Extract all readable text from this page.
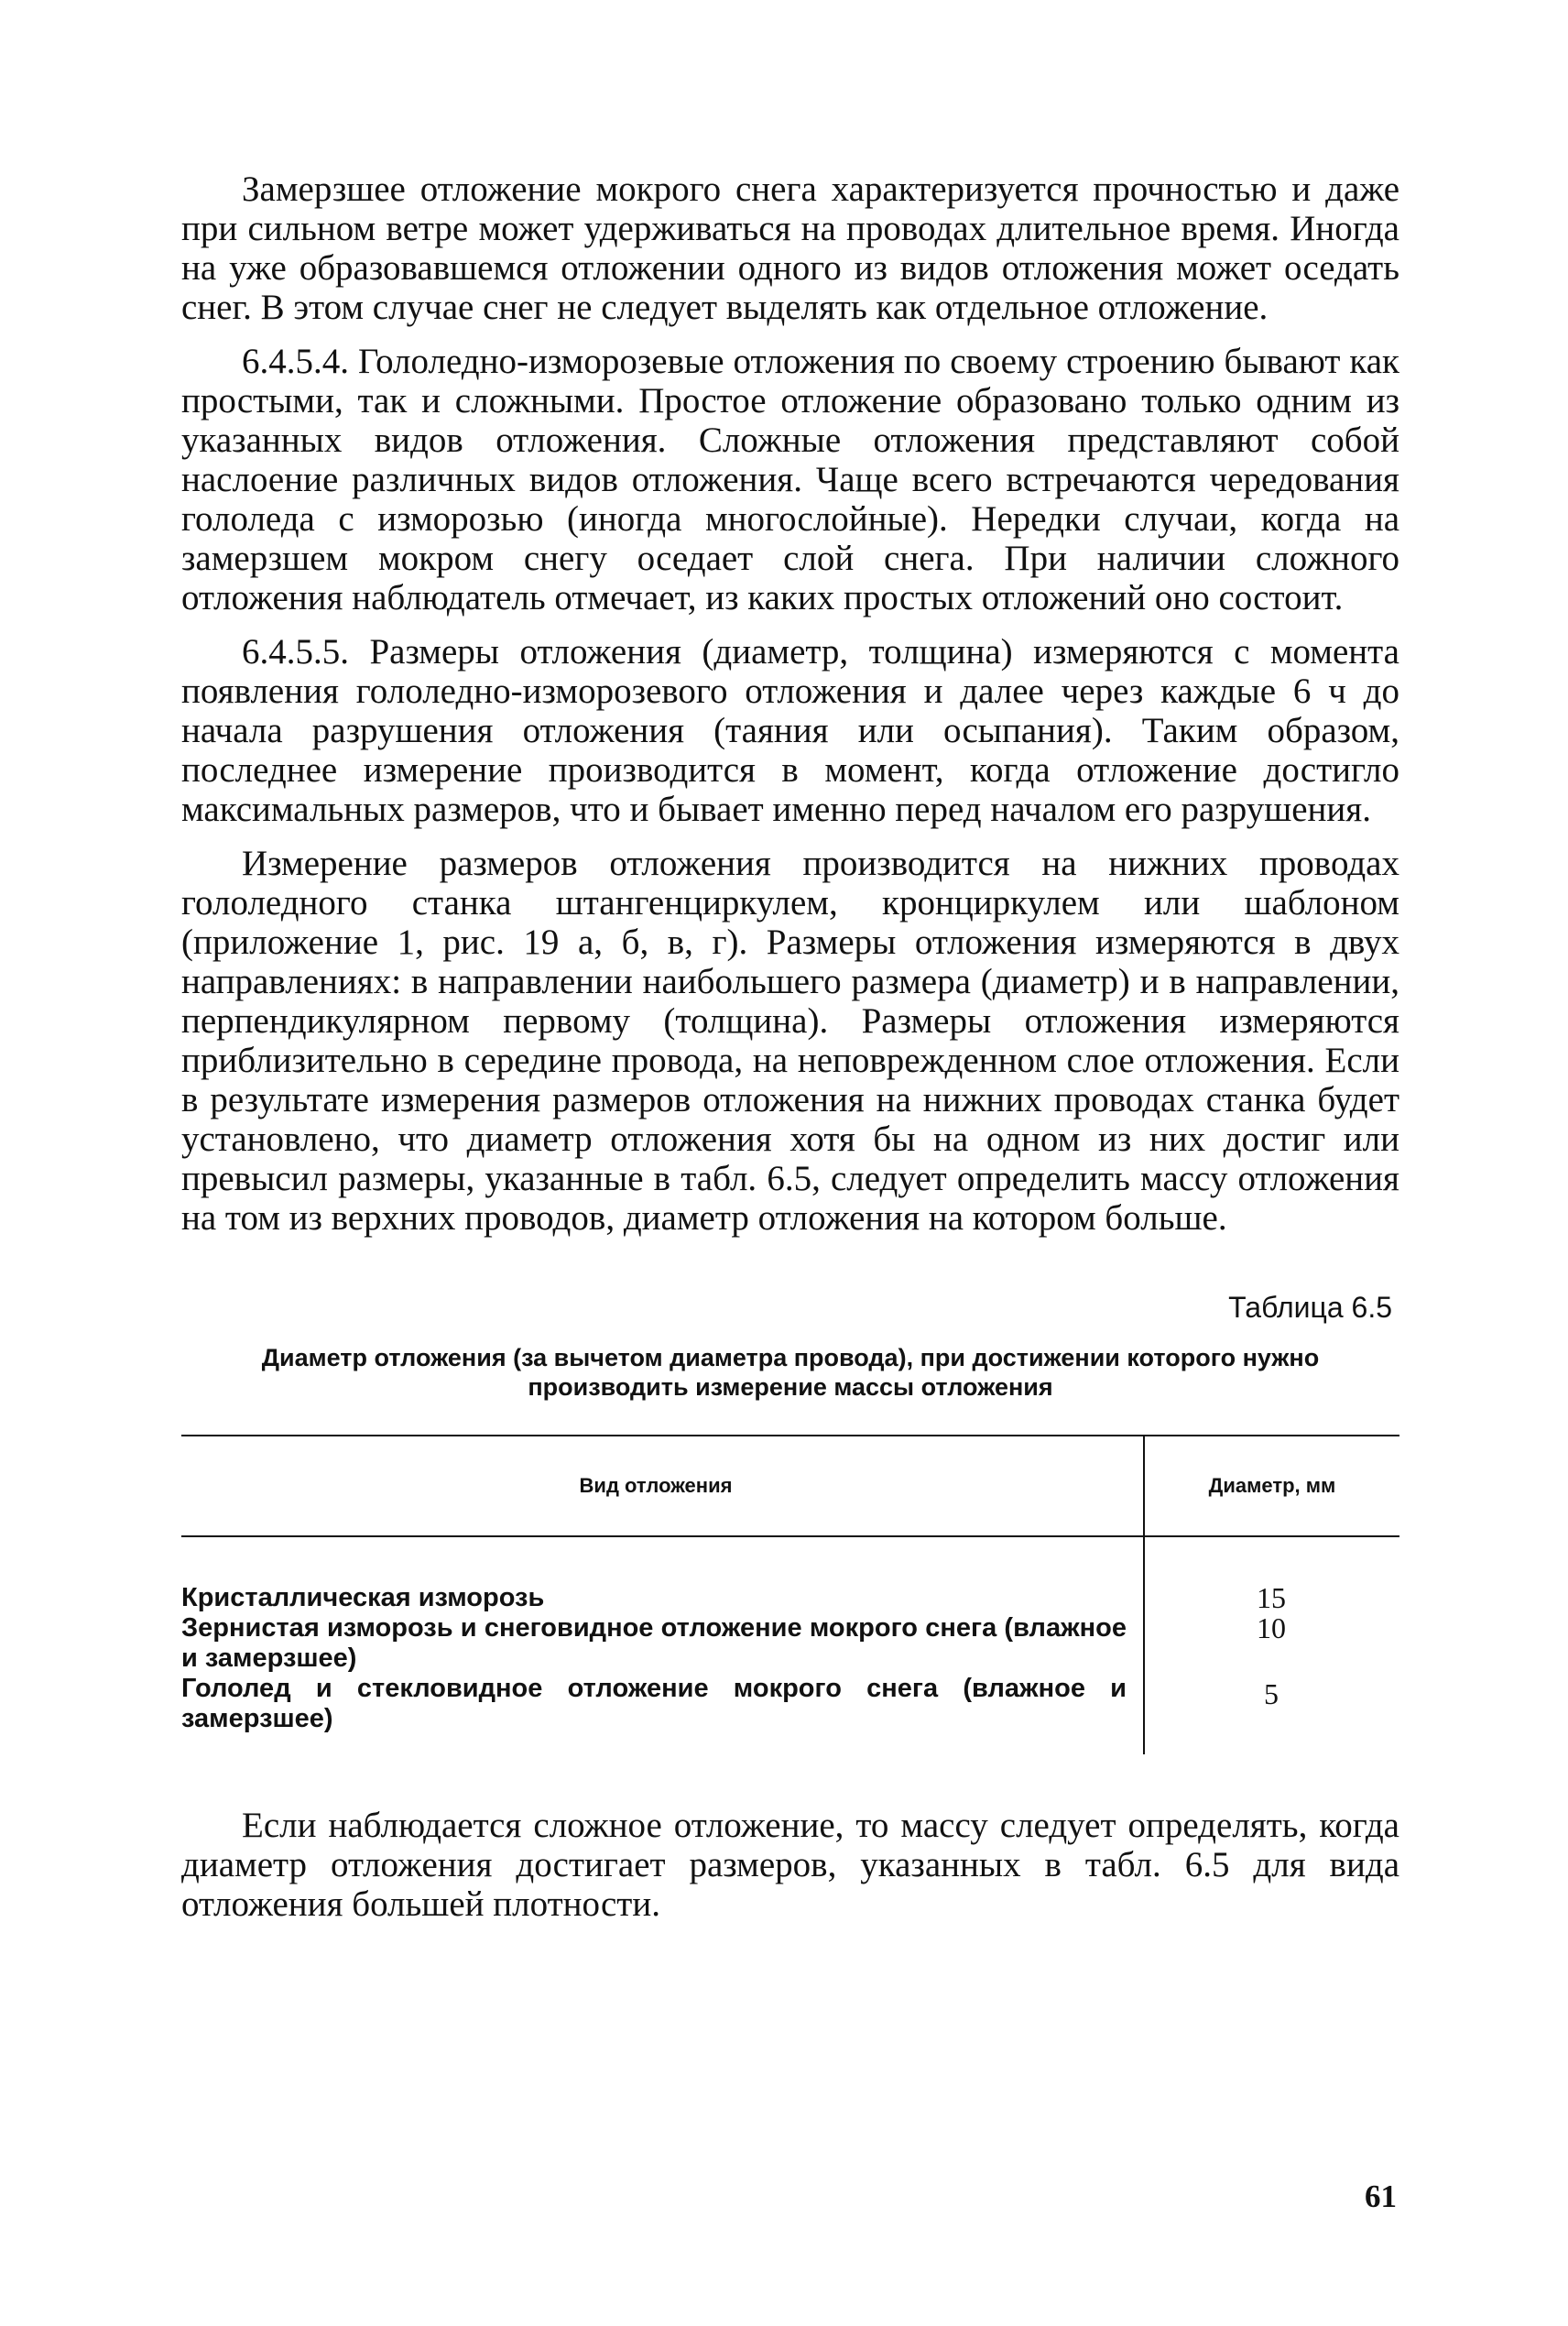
Замерзшее отложение мокрого снега характеризуется прочностью и даже при сильном ветре может удерживаться на проводах длительное время. Иногда на уже образовавшемся отложении одного из видов отложения может оседать снег. В этом случае снег не следует выделять как отдельное отложение.

6.4.5.4. Гололедно-изморозевые отложения по своему строению бывают как простыми, так и сложными. Простое отложение образовано только одним из указанных видов отложения. Сложные отложения представляют собой наслоение различных видов отложения. Чаще всего встречаются чередования гололеда с изморозью (иногда многослойные). Нередки случаи, когда на замерзшем мокром снегу оседает слой снега. При наличии сложного отложения наблюдатель отмечает, из каких простых отложений оно состоит.

6.4.5.5. Размеры отложения (диаметр, толщина) измеряются с момента появления гололедно-изморозевого отложения и далее через каждые 6 ч до начала разрушения отложения (таяния или осыпания). Таким образом, последнее измерение производится в момент, когда отложение достигло максимальных размеров, что и бывает именно перед началом его разрушения.

Измерение размеров отложения производится на нижних проводах гололедного станка штангенциркулем, кронциркулем или шаблоном (приложение 1, рис. 19 а, б, в, г). Размеры отложения измеряются в двух направлениях: в направлении наибольшего размера (диаметр) и в направлении, перпендикулярном первому (толщина). Размеры отложения измеряются приблизительно в середине провода, на неповрежденном слое отложения. Если в результате измерения размеров отложения на нижних проводах станка будет установлено, что диаметр отложения хотя бы на одном из них достиг или превысил размеры, указанные в табл. 6.5, следует определить массу отложения на том из верхних проводов, диаметр отложения на котором больше.

Таблица 6.5
Диаметр отложения (за вычетом диаметра провода), при достижении которого нужно производить измерение массы отложения
Вид отложения	Диаметр, мм
Кристаллическая изморозь	15
Зернистая изморозь и снеговидное отложение мокрого снега (влажное и замерзшее)
10
Гололед и стекловидное отложение мокрого снега (влажное и замерзшее)
5

Если наблюдается сложное отложение, то массу следует определять, когда диаметр отложения достигает размеров, указанных в табл. 6.5 для вида отложения большей плотности.

61
